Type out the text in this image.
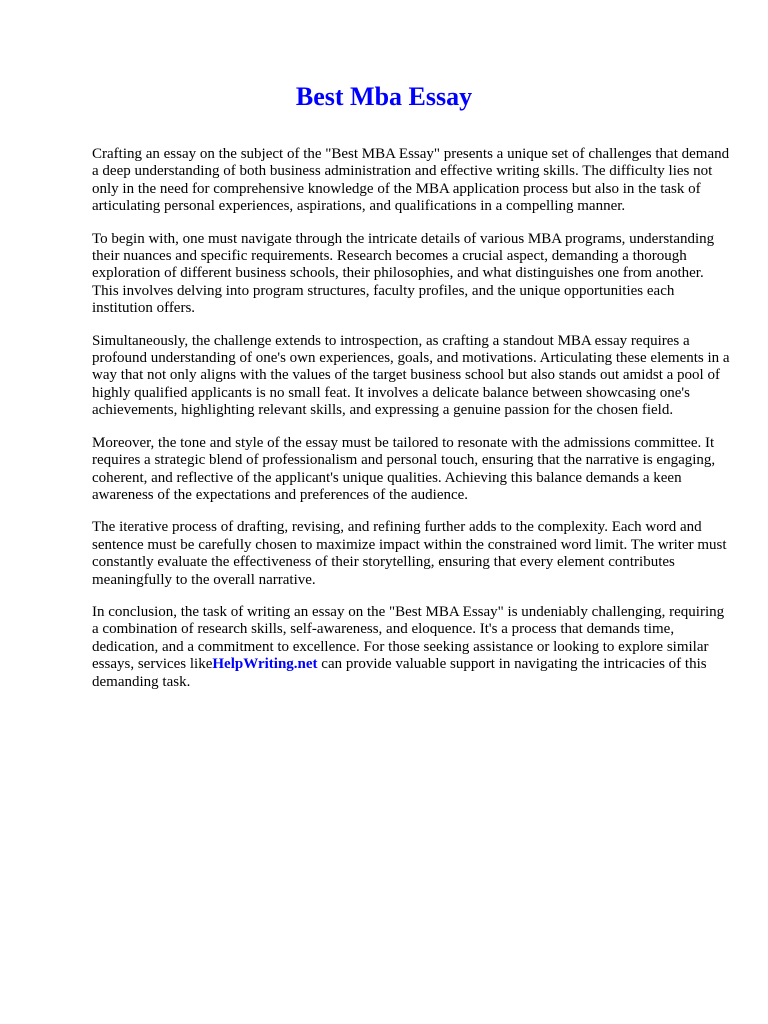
Best Mba Essay

Crafting an essay on the subject of the "Best MBA Essay" presents a unique set of challenges that demand a deep understanding of both business administration and effective writing skills. The difficulty lies not only in the need for comprehensive knowledge of the MBA application process but also in the task of articulating personal experiences, aspirations, and qualifications in a compelling manner.

To begin with, one must navigate through the intricate details of various MBA programs, understanding their nuances and specific requirements. Research becomes a crucial aspect, demanding a thorough exploration of different business schools, their philosophies, and what distinguishes one from another. This involves delving into program structures, faculty profiles, and the unique opportunities each institution offers.

Simultaneously, the challenge extends to introspection, as crafting a standout MBA essay requires a profound understanding of one's own experiences, goals, and motivations. Articulating these elements in a way that not only aligns with the values of the target business school but also stands out amidst a pool of highly qualified applicants is no small feat. It involves a delicate balance between showcasing one's achievements, highlighting relevant skills, and expressing a genuine passion for the chosen field.

Moreover, the tone and style of the essay must be tailored to resonate with the admissions committee. It requires a strategic blend of professionalism and personal touch, ensuring that the narrative is engaging, coherent, and reflective of the applicant's unique qualities. Achieving this balance demands a keen awareness of the expectations and preferences of the audience.

The iterative process of drafting, revising, and refining further adds to the complexity. Each word and sentence must be carefully chosen to maximize impact within the constrained word limit. The writer must constantly evaluate the effectiveness of their storytelling, ensuring that every element contributes meaningfully to the overall narrative.

In conclusion, the task of writing an essay on the "Best MBA Essay" is undeniably challenging, requiring a combination of research skills, self-awareness, and eloquence. It's a process that demands time, dedication, and a commitment to excellence. For those seeking assistance or looking to explore similar essays, services likeHelpWriting.net can provide valuable support in navigating the intricacies of this demanding task.
